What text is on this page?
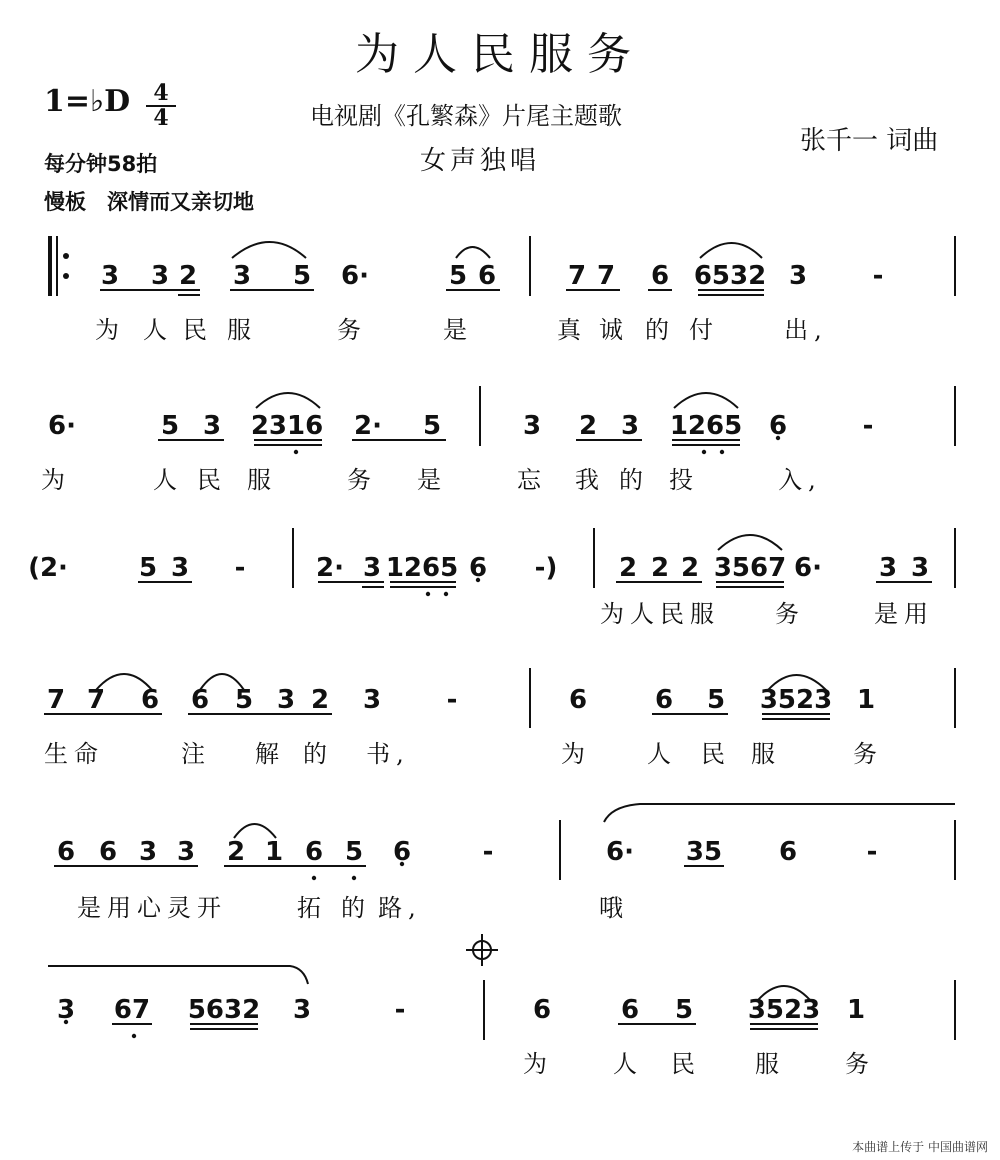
为人民服务
1=♭D $\frac{4}{4}$	电视剧《孔繁森》片尾主题歌
女声独唱
张千一 词曲
每分钟58拍
慢板　深情而又亲切地
3 3 2 3 5 6·	5 6	7 7 6 6532 3	-
6·	5 3 2316 2· 5	3 2 3 1265 6	-
(2·	5 3 -	2· 3 1265 6 -) 2 2 2 3567 6· 3 3
7 7 6 6 5 3 2 3	-	6	6 5 3523 1
6 6 3 3 2 1 6 5 6	-	6· 35 6	-
3 67 5632 3	-	6	6 5 3523 1
为 人 民 服	务	是	真 诚 的 付	出,
为	人 民 服	务 是	忘 我 的 投	入,
为人民服 务	是用
生命	注 解 的 书,	为 人 民 服	务
是用心灵开	拓 的 路,	哦
为	人 民 服	务
本曲谱上传于 中国曲谱网
